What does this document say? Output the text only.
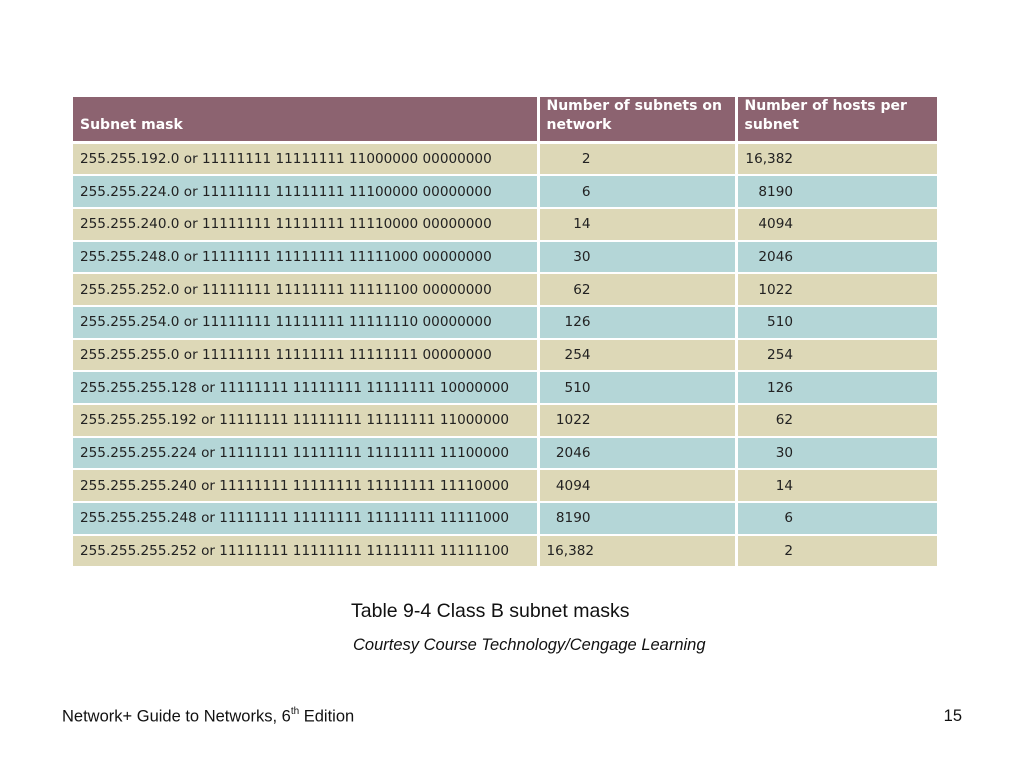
Subnet mask	Number of subnets on network	Number of hosts per subnet
255.255.192.0 or 11111111 11111111 11000000 00000000	2	16,382
255.255.224.0 or 11111111 11111111 11100000 00000000	6	8190
255.255.240.0 or 11111111 11111111 11110000 00000000	14	4094
255.255.248.0 or 11111111 11111111 11111000 00000000	30	2046
255.255.252.0 or 11111111 11111111 11111100 00000000	62	1022
255.255.254.0 or 11111111 11111111 11111110 00000000	126	510
255.255.255.0 or 11111111 11111111 11111111 00000000	254	254
255.255.255.128 or 11111111 11111111 11111111 10000000	510	126
255.255.255.192 or 11111111 11111111 11111111 11000000	1022	62
255.255.255.224 or 11111111 11111111 11111111 11100000	2046	30
255.255.255.240 or 11111111 11111111 11111111 11110000	4094	14
255.255.255.248 or 11111111 11111111 11111111 11111000	8190	6
255.255.255.252 or 11111111 11111111 11111111 11111100	16,382	2
Table 9-4 Class B subnet masks
Courtesy Course Technology/Cengage Learning
Network+ Guide to Networks, 6th Edition	15
